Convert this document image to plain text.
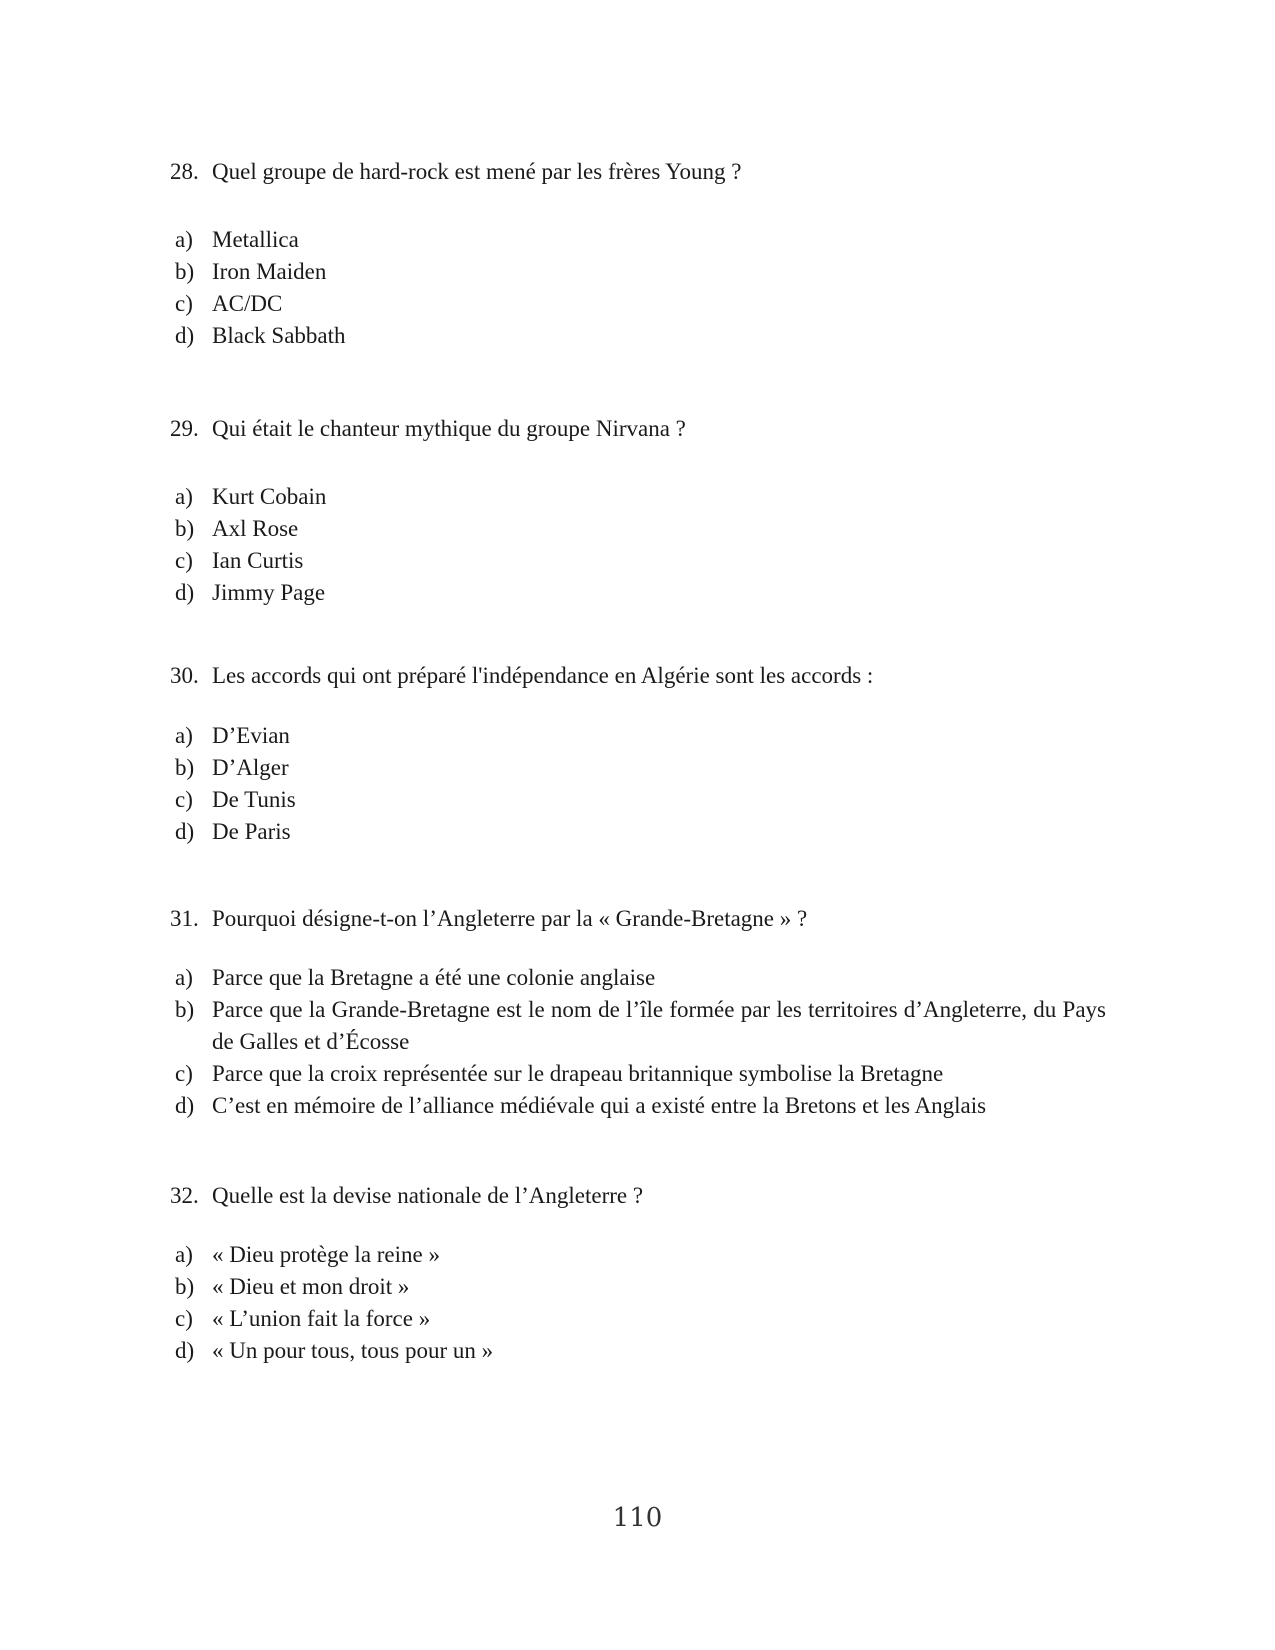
28. Quel groupe de hard-rock est mené par les frères Young ?
a) Metallica
b) Iron Maiden
c) AC/DC
d) Black Sabbath
29. Qui était le chanteur mythique du groupe Nirvana ?
a) Kurt Cobain
b) Axl Rose
c) Ian Curtis
d) Jimmy Page
30. Les accords qui ont préparé l'indépendance en Algérie sont les accords :
a) D’Evian
b) D’Alger
c) De Tunis
d) De Paris
31. Pourquoi désigne-t-on l’Angleterre par la « Grande-Bretagne » ?
a) Parce que la Bretagne a été une colonie anglaise
b) Parce que la Grande-Bretagne est le nom de l’île formée par les territoires d’Angleterre, du Pays de Galles et d’Écosse
c) Parce que la croix représentée sur le drapeau britannique symbolise la Bretagne
d) C’est en mémoire de l’alliance médiévale qui a existé entre la Bretons et les Anglais
32. Quelle est la devise nationale de l’Angleterre ?
a) « Dieu protège la reine »
b) « Dieu et mon droit »
c) « L’union fait la force »
d) « Un pour tous, tous pour un »
110
